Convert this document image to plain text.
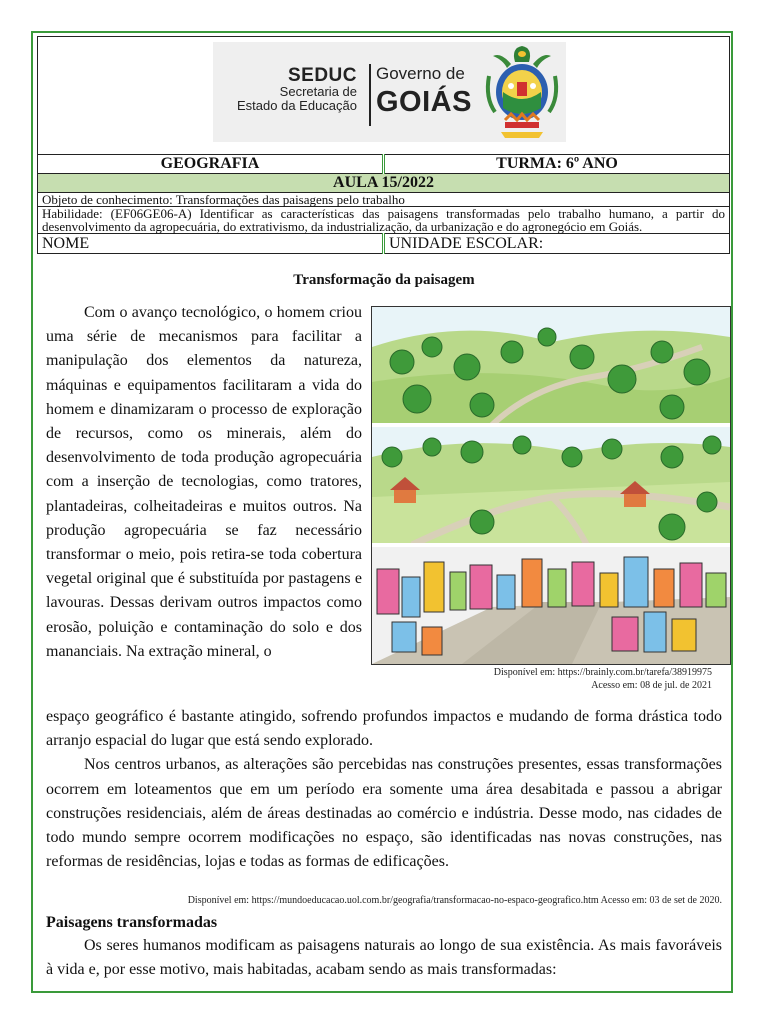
SEDUC
Secretaria de
Estado da Educação
Governo de
GOIÁS
GEOGRAFIA	TURMA: 6º ANO
AULA 15/2022	
Objeto de conhecimento: Transformações das paisagens pelo trabalho	
Habilidade: (EF06GE06-A) Identificar as características das paisagens transformadas pelo trabalho humano, a partir do desenvolvimento da agropecuária, do extrativismo, da industrialização, da urbanização e do agronegócio em Goiás.	
NOME	UNIDADE ESCOLAR:
Transformação da paisagem

Com o avanço tecnológico, o homem criou uma série de mecanismos para facilitar a manipulação dos elementos da natureza, máquinas e equipamentos facilitaram a vida do homem e dinamizaram o processo de exploração de recursos, como os minerais, além do desenvolvimento de toda produção agropecuária com a inserção de tecnologias, como tratores, plantadeiras, colheitadeiras e muitos outros. Na produção agropecuária se faz necessário transformar o meio, pois retira-se toda cobertura vegetal original que é substituída por pastagens e lavouras. Dessas derivam outros impactos como erosão, poluição e contaminação do solo e dos mananciais. Na extração mineral, o

Disponível em: https://brainly.com.br/tarefa/38919975
Acesso em: 08 de jul. de 2021

espaço geográfico é bastante atingido, sofrendo profundos impactos e mudando de forma drástica todo arranjo espacial do lugar que está sendo explorado.

Nos centros urbanos, as alterações são percebidas nas construções presentes, essas transformações ocorrem em loteamentos que em um período era somente uma área desabitada e passou a abrigar construções residenciais, além de áreas destinadas ao comércio e indústria. Desse modo, nas cidades de todo mundo sempre ocorrem modificações no espaço, são identificadas nas novas construções, nas reformas de residências, lojas e todas as formas de edificações.

Disponível em: https://mundoeducacao.uol.com.br/geografia/transformacao-no-espaco-geografico.htm Acesso em: 03 de set de 2020.
Paisagens transformadas

Os seres humanos modificam as paisagens naturais ao longo de sua existência. As mais favoráveis à vida e, por esse motivo, mais habitadas, acabam sendo as mais transformadas:
